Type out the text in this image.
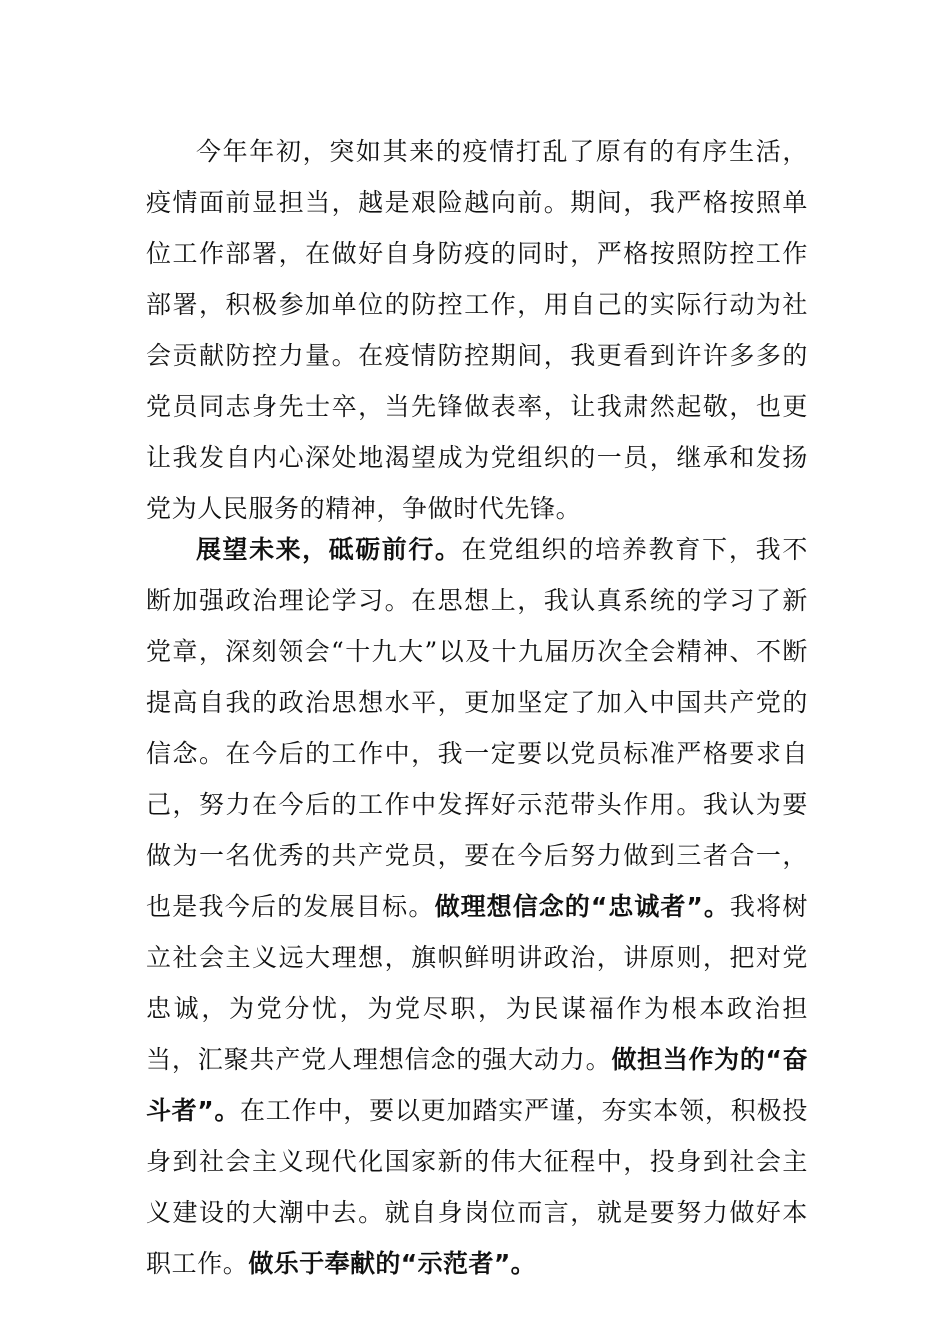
今年年初，突如其来的疫情打乱了原有的有序生活，疫情面前显担当，越是艰险越向前。期间，我严格按照单位工作部署，在做好自身防疫的同时，严格按照防控工作部署，积极参加单位的防控工作，用自己的实际行动为社会贡献防控力量。在疫情防控期间，我更看到许许多多的党员同志身先士卒，当先锋做表率，让我肃然起敬，也更让我发自内心深处地渴望成为党组织的一员，继承和发扬党为人民服务的精神，争做时代先锋。

展望未来，砥砺前行。在党组织的培养教育下，我不断加强政治理论学习。在思想上，我认真系统的学习了新党章，深刻领会“十九大”以及十九届历次全会精神、不断提高自我的政治思想水平，更加坚定了加入中国共产党的信念。在今后的工作中，我一定要以党员标准严格要求自己，努力在今后的工作中发挥好示范带头作用。我认为要做为一名优秀的共产党员，要在今后努力做到三者合一，也是我今后的发展目标。做理想信念的“忠诚者”。我将树立社会主义远大理想，旗帜鲜明讲政治，讲原则，把对党忠诚，为党分忧，为党尽职，为民谋福作为根本政治担当，汇聚共产党人理想信念的强大动力。做担当作为的“奋斗者”。在工作中，要以更加踏实严谨，夯实本领，积极投身到社会主义现代化国家新的伟大征程中，投身到社会主义建设的大潮中去。就自身岗位而言，就是要努力做好本职工作。做乐于奉献的“示范者”。
